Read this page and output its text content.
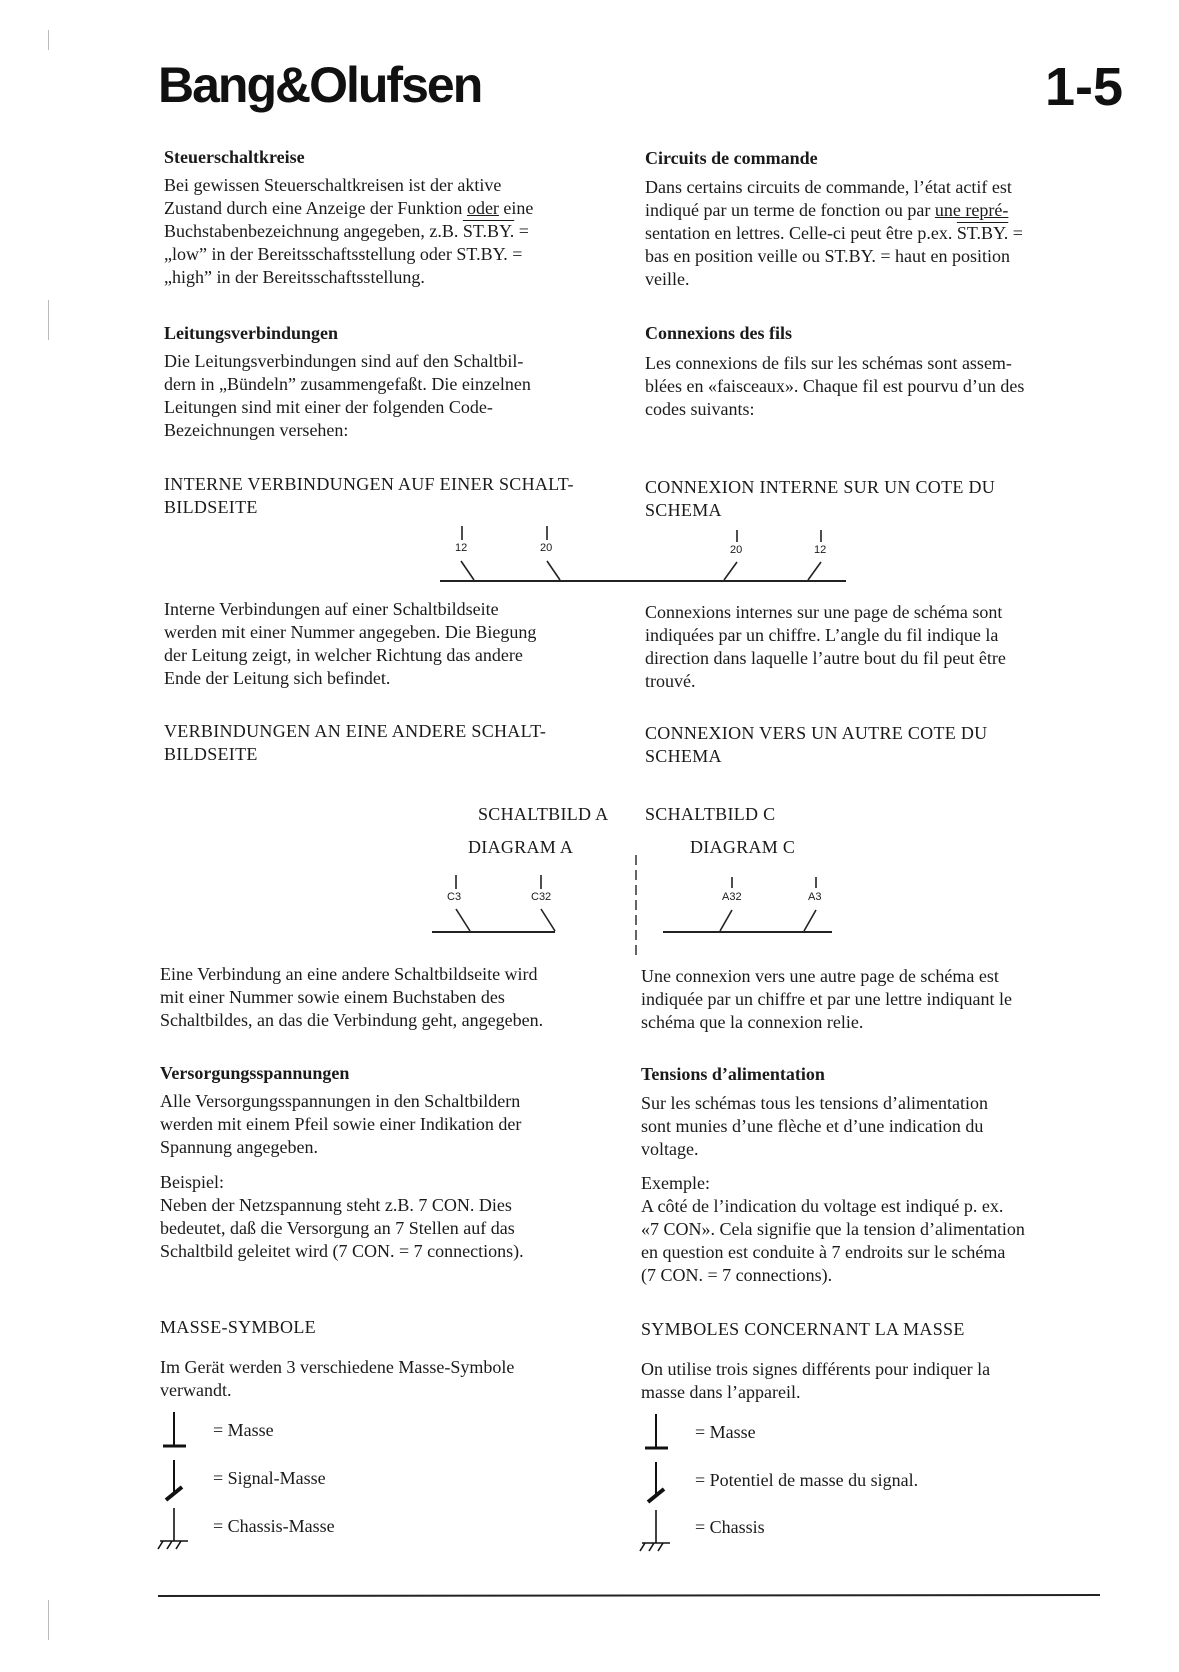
Bang&Olufsen	1-5
Steuerschaltkreise
Bei gewissen Steuerschaltkreisen ist der aktive
Zustand durch eine Anzeige der Funktion oder eine
Buchstabenbezeichnung angegeben, z.B. ST.BY. =
„low” in der Bereitsschaftsstellung oder ST.BY. =
„high” in der Bereitsschaftsstellung.
Leitungsverbindungen
Die Leitungsverbindungen sind auf den Schaltbil-
dern in „Bündeln” zusammengefaßt. Die einzelnen
Leitungen sind mit einer der folgenden Code-
Bezeichnungen versehen:
INTERNE VERBINDUNGEN AUF EINER SCHALT-
BILDSEITE
Interne Verbindungen auf einer Schaltbildseite
werden mit einer Nummer angegeben. Die Biegung
der Leitung zeigt, in welcher Richtung das andere
Ende der Leitung sich befindet.
VERBINDUNGEN AN EINE ANDERE SCHALT-
BILDSEITE
Eine Verbindung an eine andere Schaltbildseite wird
mit einer Nummer sowie einem Buchstaben des
Schaltbildes, an das die Verbindung geht, angegeben.
Versorgungsspannungen
Alle Versorgungsspannungen in den Schaltbildern
werden mit einem Pfeil sowie einer Indikation der
Spannung angegeben.
Beispiel:
Neben der Netzspannung steht z.B. 7 CON. Dies
bedeutet, daß die Versorgung an 7 Stellen auf das
Schaltbild geleitet wird (7 CON. = 7 connections).
MASSE-SYMBOLE
Im Gerät werden 3 verschiedene Masse-Symbole
verwandt.
= Masse
= Signal-Masse
= Chassis-Masse
Circuits de commande
Dans certains circuits de commande, l’état actif est
indiqué par un terme de fonction ou par une repré-
sentation en lettres. Celle-ci peut être p.ex. ST.BY. =
bas en position veille ou ST.BY. = haut en position
veille.
Connexions des fils
Les connexions de fils sur les schémas sont assem-
blées en «faisceaux». Chaque fil est pourvu d’un des
codes suivants:
CONNEXION INTERNE SUR UN COTE DU
SCHEMA
Connexions internes sur une page de schéma sont
indiquées par un chiffre. L’angle du fil indique la
direction dans laquelle l’autre bout du fil peut être
trouvé.
CONNEXION VERS UN AUTRE COTE DU
SCHEMA
Une connexion vers une autre page de schéma est
indiquée par un chiffre et par une lettre indiquant le
schéma que la connexion relie.
Tensions d’alimentation
Sur les schémas tous les tensions d’alimentation
sont munies d’une flèche et d’une indication du
voltage.
Exemple:
A côté de l’indication du voltage est indiqué p. ex.
«7 CON». Cela signifie que la tension d’alimentation
en question est conduite à 7 endroits sur le schéma
(7 CON. = 7 connections).
SYMBOLES CONCERNANT LA MASSE
On utilise trois signes différents pour indiquer la
masse dans l’appareil.
= Masse
= Potentiel de masse du signal.
= Chassis
SCHALTBILD A SCHALTBILD C
DIAGRAM A	DIAGRAM C
12	20	20	12
C3	C32	A32	A3
